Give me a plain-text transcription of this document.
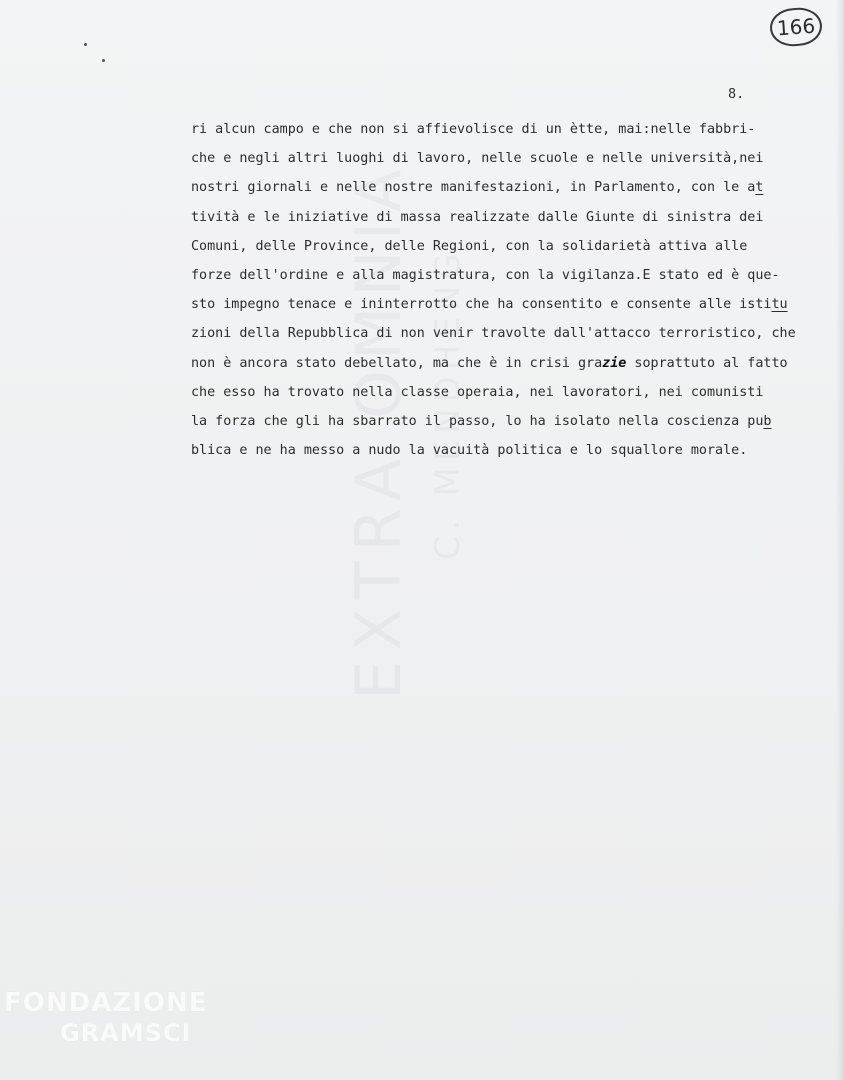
166
8.
ri alcun campo e che non si affievolisce di un ètte, mai:nelle fabbri-
che e negli altri luoghi di lavoro, nelle scuole e nelle università,nei
nostri giornali e nelle nostre manifestazioni, in Parlamento, con le at
tività e le iniziative di massa realizzate dalle Giunte di sinistra dei
Comuni, delle Province, delle Regioni, con la solidarietà attiva alle
forze dell'ordine e alla magistratura, con la vigilanza.E stato ed è que-
sto impegno tenace e ininterrotto che ha consentito e consente alle istitu
zioni della Repubblica di non venir travolte dall'attacco terroristico, che
non è ancora stato debellato, ma che è in crisi grazie soprattuto al fatto
che esso ha trovato nella classe operaia, nei lavoratori, nei comunisti
la forza che gli ha sbarrato il passo, lo ha isolato nella coscienza pub
blica e ne ha messo a nudo la vacuità politica e lo squallore morale.
FONDAZIONE
GRAMSCI
